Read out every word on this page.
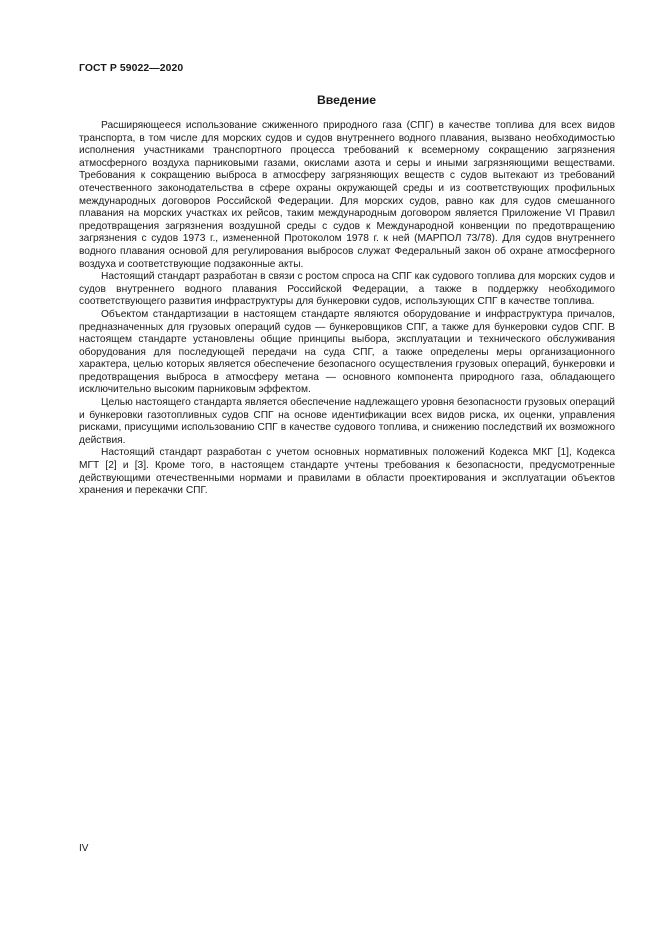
ГОСТ Р 59022—2020
Введение

Расширяющееся использование сжиженного природного газа (СПГ) в качестве топлива для всех видов транспорта, в том числе для морских судов и судов внутреннего водного плавания, вызвано необходимостью исполнения участниками транспортного процесса требований к всемерному сокращению загрязнения атмосферного воздуха парниковыми газами, окислами азота и серы и иными загрязняющими веществами. Требования к сокращению выброса в атмосферу загрязняющих веществ с судов вытекают из требований отечественного законодательства в сфере охраны окружающей среды и из соответствующих профильных международных договоров Российской Федерации. Для морских судов, равно как для судов смешанного плавания на морских участках их рейсов, таким международным договором является Приложение VI Правил предотвращения загрязнения воздушной среды с судов к Международной конвенции по предотвращению загрязнения с судов 1973 г., измененной Протоколом 1978 г. к ней (МАРПОЛ 73/78). Для судов внутреннего водного плавания основой для регулирования выбросов служат Федеральный закон об охране атмосферного воздуха и соответствующие подзаконные акты.

Настоящий стандарт разработан в связи с ростом спроса на СПГ как судового топлива для морских судов и судов внутреннего водного плавания Российской Федерации, а также в поддержку необходимого соответствующего развития инфраструктуры для бункеровки судов, использующих СПГ в качестве топлива.

Объектом стандартизации в настоящем стандарте являются оборудование и инфраструктура причалов, предназначенных для грузовых операций судов — бункеровщиков СПГ, а также для бункеровки судов СПГ. В настоящем стандарте установлены общие принципы выбора, эксплуатации и технического обслуживания оборудования для последующей передачи на суда СПГ, а также определены меры организационного характера, целью которых является обеспечение безопасного осуществления грузовых операций, бункеровки и предотвращения выброса в атмосферу метана — основного компонента природного газа, обладающего исключительно высоким парниковым эффектом.

Целью настоящего стандарта является обеспечение надлежащего уровня безопасности грузовых операций и бункеровки газотопливных судов СПГ на основе идентификации всех видов риска, их оценки, управления рисками, присущими использованию СПГ в качестве судового топлива, и снижению последствий их возможного действия.

Настоящий стандарт разработан с учетом основных нормативных положений Кодекса МКГ [1], Кодекса МГТ [2] и [3]. Кроме того, в настоящем стандарте учтены требования к безопасности, предусмотренные действующими отечественными нормами и правилами в области проектирования и эксплуатации объектов хранения и перекачки СПГ.

IV
